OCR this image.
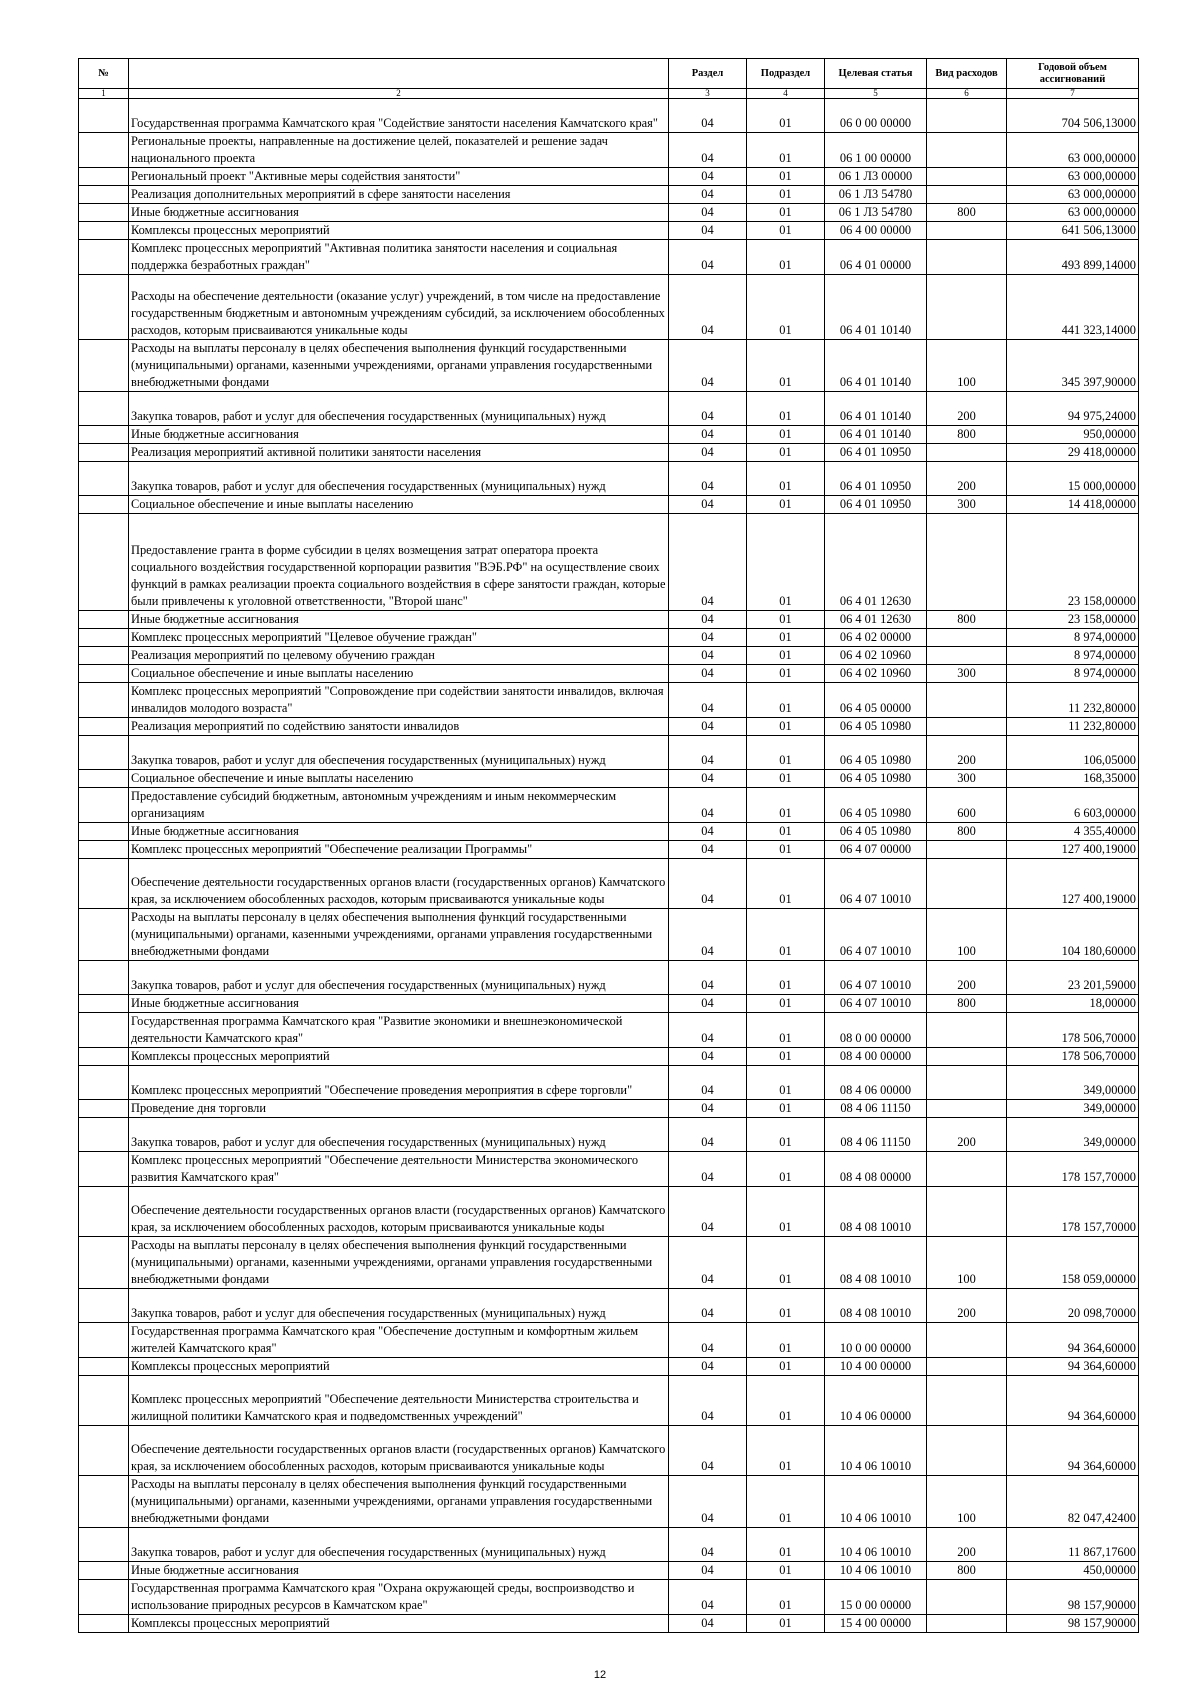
№		Раздел	Подраздел	Целевая статья	Вид расходов	Годовой объем ассигнований
1	2	3	4	5	6	7
	Государственная программа Камчатского края "Содействие занятости населения Камчатского края"	04	01	06 0 00 00000		704 506,13000
	Региональные проекты, направленные на достижение целей, показателей и решение задач национального проекта	04	01	06 1 00 00000		63 000,00000
	Региональный проект "Активные меры содействия занятости"	04	01	06 1 Л3 00000		63 000,00000
	Реализация дополнительных мероприятий в сфере занятости населения	04	01	06 1 Л3 54780		63 000,00000
	Иные бюджетные ассигнования	04	01	06 1 Л3 54780	800	63 000,00000
	Комплексы процессных мероприятий	04	01	06 4 00 00000		641 506,13000
	Комплекс процессных мероприятий "Активная политика занятости населения и социальная поддержка безработных граждан"	04	01	06 4 01 00000		493 899,14000
	Расходы на обеспечение деятельности (оказание услуг) учреждений, в том числе на предоставление государственным бюджетным и автономным учреждениям субсидий, за исключением обособленных расходов, которым присваиваются уникальные коды	04	01	06 4 01 10140		441 323,14000
	Расходы на выплаты персоналу в целях обеспечения выполнения функций государственными (муниципальными) органами, казенными учреждениями, органами управления государственными внебюджетными фондами	04	01	06 4 01 10140	100	345 397,90000
	Закупка товаров, работ и услуг для обеспечения государственных (муниципальных) нужд	04	01	06 4 01 10140	200	94 975,24000
	Иные бюджетные ассигнования	04	01	06 4 01 10140	800	950,00000
	Реализация мероприятий активной политики занятости населения	04	01	06 4 01 10950		29 418,00000
	Закупка товаров, работ и услуг для обеспечения государственных (муниципальных) нужд	04	01	06 4 01 10950	200	15 000,00000
	Социальное обеспечение и иные выплаты населению	04	01	06 4 01 10950	300	14 418,00000
	Предоставление гранта в форме субсидии в целях возмещения затрат оператора проекта социального воздействия государственной корпорации развития "ВЭБ.РФ" на осуществление своих функций в рамках реализации проекта социального воздействия в сфере занятости граждан, которые были привлечены к уголовной ответственности, "Второй шанс"	04	01	06 4 01 12630		23 158,00000
	Иные бюджетные ассигнования	04	01	06 4 01 12630	800	23 158,00000
	Комплекс процессных мероприятий "Целевое обучение граждан"	04	01	06 4 02 00000		8 974,00000
	Реализация мероприятий по целевому обучению граждан	04	01	06 4 02 10960		8 974,00000
	Социальное обеспечение и иные выплаты населению	04	01	06 4 02 10960	300	8 974,00000
	Комплекс процессных мероприятий "Сопровождение при содействии занятости инвалидов, включая инвалидов молодого возраста"	04	01	06 4 05 00000		11 232,80000
	Реализация мероприятий по содействию занятости инвалидов	04	01	06 4 05 10980		11 232,80000
	Закупка товаров, работ и услуг для обеспечения государственных (муниципальных) нужд	04	01	06 4 05 10980	200	106,05000
	Социальное обеспечение и иные выплаты населению	04	01	06 4 05 10980	300	168,35000
	Предоставление субсидий бюджетным, автономным учреждениям и иным некоммерческим организациям	04	01	06 4 05 10980	600	6 603,00000
	Иные бюджетные ассигнования	04	01	06 4 05 10980	800	4 355,40000
	Комплекс процессных мероприятий "Обеспечение реализации Программы"	04	01	06 4 07 00000		127 400,19000
	Обеспечение деятельности государственных органов власти (государственных органов) Камчатского края, за исключением обособленных расходов, которым присваиваются уникальные коды	04	01	06 4 07 10010		127 400,19000
	Расходы на выплаты персоналу в целях обеспечения выполнения функций государственными (муниципальными) органами, казенными учреждениями, органами управления государственными внебюджетными фондами	04	01	06 4 07 10010	100	104 180,60000
	Закупка товаров, работ и услуг для обеспечения государственных (муниципальных) нужд	04	01	06 4 07 10010	200	23 201,59000
	Иные бюджетные ассигнования	04	01	06 4 07 10010	800	18,00000
	Государственная программа Камчатского края "Развитие экономики и внешнеэкономической деятельности Камчатского края"	04	01	08 0 00 00000		178 506,70000
	Комплексы процессных мероприятий	04	01	08 4 00 00000		178 506,70000
	Комплекс процессных мероприятий "Обеспечение проведения мероприятия в сфере торговли"	04	01	08 4 06 00000		349,00000
	Проведение дня торговли	04	01	08 4 06 11150		349,00000
	Закупка товаров, работ и услуг для обеспечения государственных (муниципальных) нужд	04	01	08 4 06 11150	200	349,00000
	Комплекс процессных мероприятий "Обеспечение деятельности Министерства экономического развития Камчатского края"	04	01	08 4 08 00000		178 157,70000
	Обеспечение деятельности государственных органов власти (государственных органов) Камчатского края, за исключением обособленных расходов, которым присваиваются уникальные коды	04	01	08 4 08 10010		178 157,70000
	Расходы на выплаты персоналу в целях обеспечения выполнения функций государственными (муниципальными) органами, казенными учреждениями, органами управления государственными внебюджетными фондами	04	01	08 4 08 10010	100	158 059,00000
	Закупка товаров, работ и услуг для обеспечения государственных (муниципальных) нужд	04	01	08 4 08 10010	200	20 098,70000
	Государственная программа Камчатского края "Обеспечение доступным и комфортным жильем жителей Камчатского края"	04	01	10 0 00 00000		94 364,60000
	Комплексы процессных мероприятий	04	01	10 4 00 00000		94 364,60000
	Комплекс процессных мероприятий "Обеспечение деятельности Министерства строительства и жилищной политики Камчатского края и подведомственных учреждений"	04	01	10 4 06 00000		94 364,60000
	Обеспечение деятельности государственных органов власти (государственных органов) Камчатского края, за исключением обособленных расходов, которым присваиваются уникальные коды	04	01	10 4 06 10010		94 364,60000
	Расходы на выплаты персоналу в целях обеспечения выполнения функций государственными (муниципальными) органами, казенными учреждениями, органами управления государственными внебюджетными фондами	04	01	10 4 06 10010	100	82 047,42400
	Закупка товаров, работ и услуг для обеспечения государственных (муниципальных) нужд	04	01	10 4 06 10010	200	11 867,17600
	Иные бюджетные ассигнования	04	01	10 4 06 10010	800	450,00000
	Государственная программа Камчатского края "Охрана окружающей среды, воспроизводство и использование природных ресурсов в Камчатском крае"	04	01	15 0 00 00000		98 157,90000
	Комплексы процессных мероприятий	04	01	15 4 00 00000		98 157,90000
12
